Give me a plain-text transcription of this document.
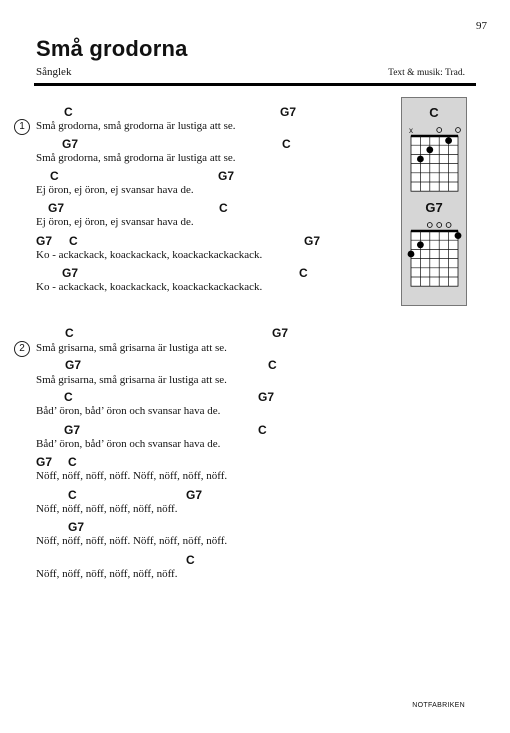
97
Små grodorna
Sånglek	Text & musik: Trad.
1
C	G7
Små grodorna, små grodorna är lustiga att se.
G7	C
Små grodorna, små grodorna är lustiga att se.
C	G7
Ej öron, ej öron, ej svansar hava de.
G7	C
Ej öron, ej öron, ej svansar hava de.
G7 C	G7
Ko - ackackack, koackackack, koackackackackack.
G7	C
Ko - ackackack, koackackack, koackackackackack.
2
C	G7
Små grisarna, små grisarna är lustiga att se.
G7	C
Små grisarna, små grisarna är lustiga att se.
C	G7
Båd’ öron, båd’ öron och svansar hava de.
G7	C
Båd’ öron, båd’ öron och svansar hava de.
G7 C
Nöff, nöff, nöff, nöff. Nöff, nöff, nöff, nöff.
C	G7
Nöff, nöff, nöff, nöff, nöff, nöff.
G7
Nöff, nöff, nöff, nöff. Nöff, nöff, nöff, nöff.
C
Nöff, nöff, nöff, nöff, nöff, nöff.
C
x
G7
NOTFABRIKEN
